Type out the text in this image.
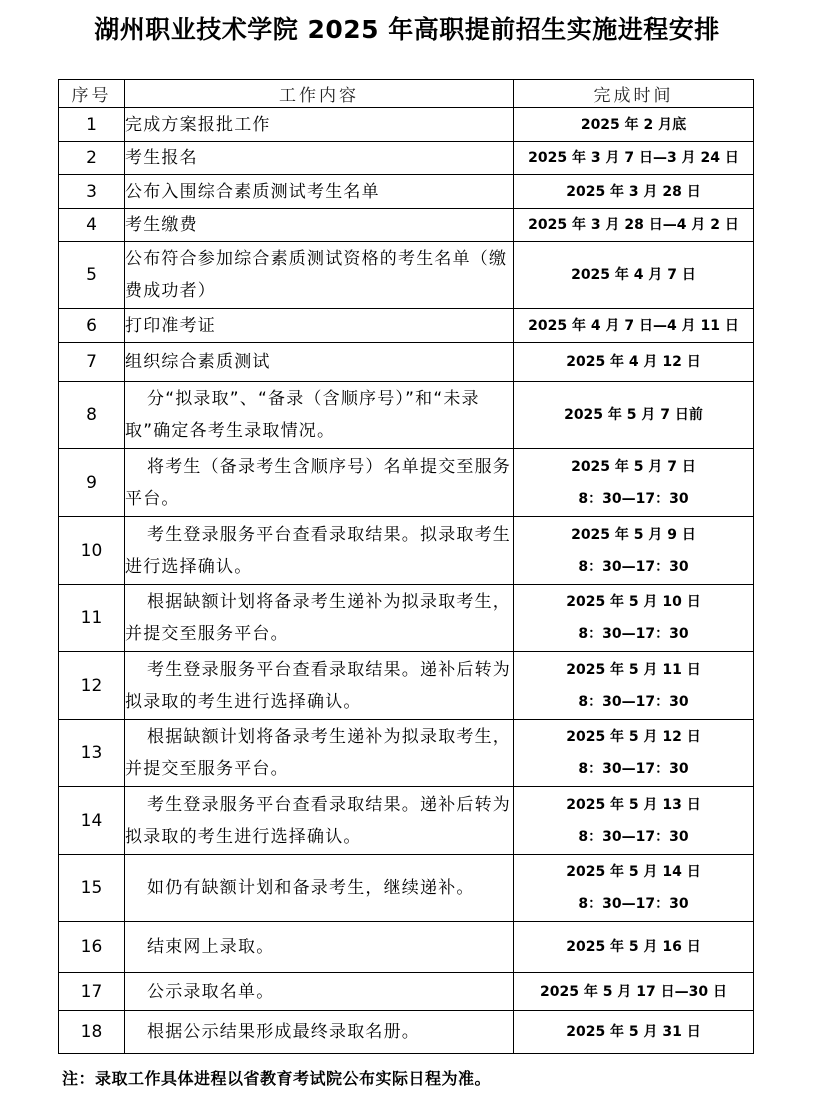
湖州职业技术学院 2025 年高职提前招生实施进程安排
序号	工作内容	完成时间
1	完成方案报批工作	2025 年 2 月底

2	考生报名	2025 年 3 月 7 日—3 月 24 日

3	公布入围综合素质测试考生名单	2025 年 3 月 28 日

4	考生缴费	2025 年 3 月 28 日—4 月 2 日

5	公布符合参加综合素质测试资格的考生名单（缴费成功者）	2025 年 4 月 7 日

6	打印准考证	2025 年 4 月 7 日—4 月 11 日

7	组织综合素质测试	2025 年 4 月 12 日

8	分“拟录取”、“备录（含顺序号）”和“未录取”确定各考生录取情况。	2025 年 5 月 7 日前

9	将考生（备录考生含顺序号）名单提交至服务平台。	2025 年 5 月 7 日
8：30—17：30

10	考生登录服务平台查看录取结果。拟录取考生进行选择确认。	2025 年 5 月 9 日
8：30—17：30

11	根据缺额计划将备录考生递补为拟录取考生，并提交至服务平台。	2025 年 5 月 10 日
8：30—17：30

12	考生登录服务平台查看录取结果。递补后转为拟录取的考生进行选择确认。	2025 年 5 月 11 日
8：30—17：30

13	根据缺额计划将备录考生递补为拟录取考生，并提交至服务平台。	2025 年 5 月 12 日
8：30—17：30

14	考生登录服务平台查看录取结果。递补后转为拟录取的考生进行选择确认。	2025 年 5 月 13 日
8：30—17：30

15	如仍有缺额计划和备录考生，继续递补。	2025 年 5 月 14 日
8：30—17：30

16	结束网上录取。	2025 年 5 月 16 日

17	公示录取名单。	2025 年 5 月 17 日—30 日

18	根据公示结果形成最终录取名册。	2025 年 5 月 31 日
注：录取工作具体进程以省教育考试院公布实际日程为准。
